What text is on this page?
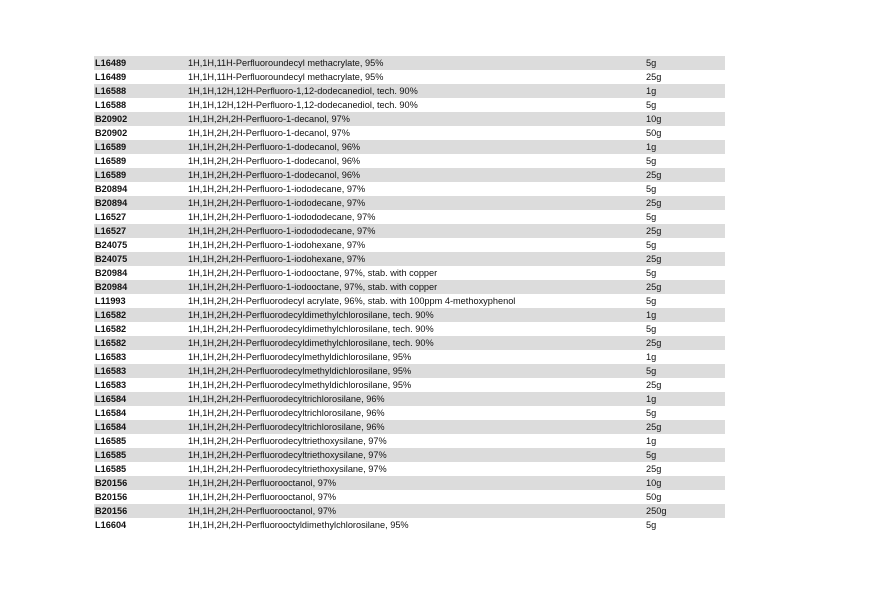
L16489	1H,1H,11H-Perfluoroundecyl methacrylate, 95%	5g
L16489	1H,1H,11H-Perfluoroundecyl methacrylate, 95%	25g
L16588	1H,1H,12H,12H-Perfluoro-1,12-dodecanediol, tech. 90%	1g
L16588	1H,1H,12H,12H-Perfluoro-1,12-dodecanediol, tech. 90%	5g
B20902	1H,1H,2H,2H-Perfluoro-1-decanol, 97%	10g
B20902	1H,1H,2H,2H-Perfluoro-1-decanol, 97%	50g
L16589	1H,1H,2H,2H-Perfluoro-1-dodecanol, 96%	1g
L16589	1H,1H,2H,2H-Perfluoro-1-dodecanol, 96%	5g
L16589	1H,1H,2H,2H-Perfluoro-1-dodecanol, 96%	25g
B20894	1H,1H,2H,2H-Perfluoro-1-iododecane, 97%	5g
B20894	1H,1H,2H,2H-Perfluoro-1-iododecane, 97%	25g
L16527	1H,1H,2H,2H-Perfluoro-1-iodododecane, 97%	5g
L16527	1H,1H,2H,2H-Perfluoro-1-iodododecane, 97%	25g
B24075	1H,1H,2H,2H-Perfluoro-1-iodohexane, 97%	5g
B24075	1H,1H,2H,2H-Perfluoro-1-iodohexane, 97%	25g
B20984	1H,1H,2H,2H-Perfluoro-1-iodooctane, 97%, stab. with copper	5g
B20984	1H,1H,2H,2H-Perfluoro-1-iodooctane, 97%, stab. with copper	25g
L11993	1H,1H,2H,2H-Perfluorodecyl acrylate, 96%, stab. with 100ppm 4-methoxyphenol	5g
L16582	1H,1H,2H,2H-Perfluorodecyldimethylchlorosilane, tech. 90%	1g
L16582	1H,1H,2H,2H-Perfluorodecyldimethylchlorosilane, tech. 90%	5g
L16582	1H,1H,2H,2H-Perfluorodecyldimethylchlorosilane, tech. 90%	25g
L16583	1H,1H,2H,2H-Perfluorodecylmethyldichlorosilane, 95%	1g
L16583	1H,1H,2H,2H-Perfluorodecylmethyldichlorosilane, 95%	5g
L16583	1H,1H,2H,2H-Perfluorodecylmethyldichlorosilane, 95%	25g
L16584	1H,1H,2H,2H-Perfluorodecyltrichlorosilane, 96%	1g
L16584	1H,1H,2H,2H-Perfluorodecyltrichlorosilane, 96%	5g
L16584	1H,1H,2H,2H-Perfluorodecyltrichlorosilane, 96%	25g
L16585	1H,1H,2H,2H-Perfluorodecyltriethoxysilane, 97%	1g
L16585	1H,1H,2H,2H-Perfluorodecyltriethoxysilane, 97%	5g
L16585	1H,1H,2H,2H-Perfluorodecyltriethoxysilane, 97%	25g
B20156	1H,1H,2H,2H-Perfluorooctanol, 97%	10g
B20156	1H,1H,2H,2H-Perfluorooctanol, 97%	50g
B20156	1H,1H,2H,2H-Perfluorooctanol, 97%	250g
L16604	1H,1H,2H,2H-Perfluorooctyldimethylchlorosilane, 95%	5g
